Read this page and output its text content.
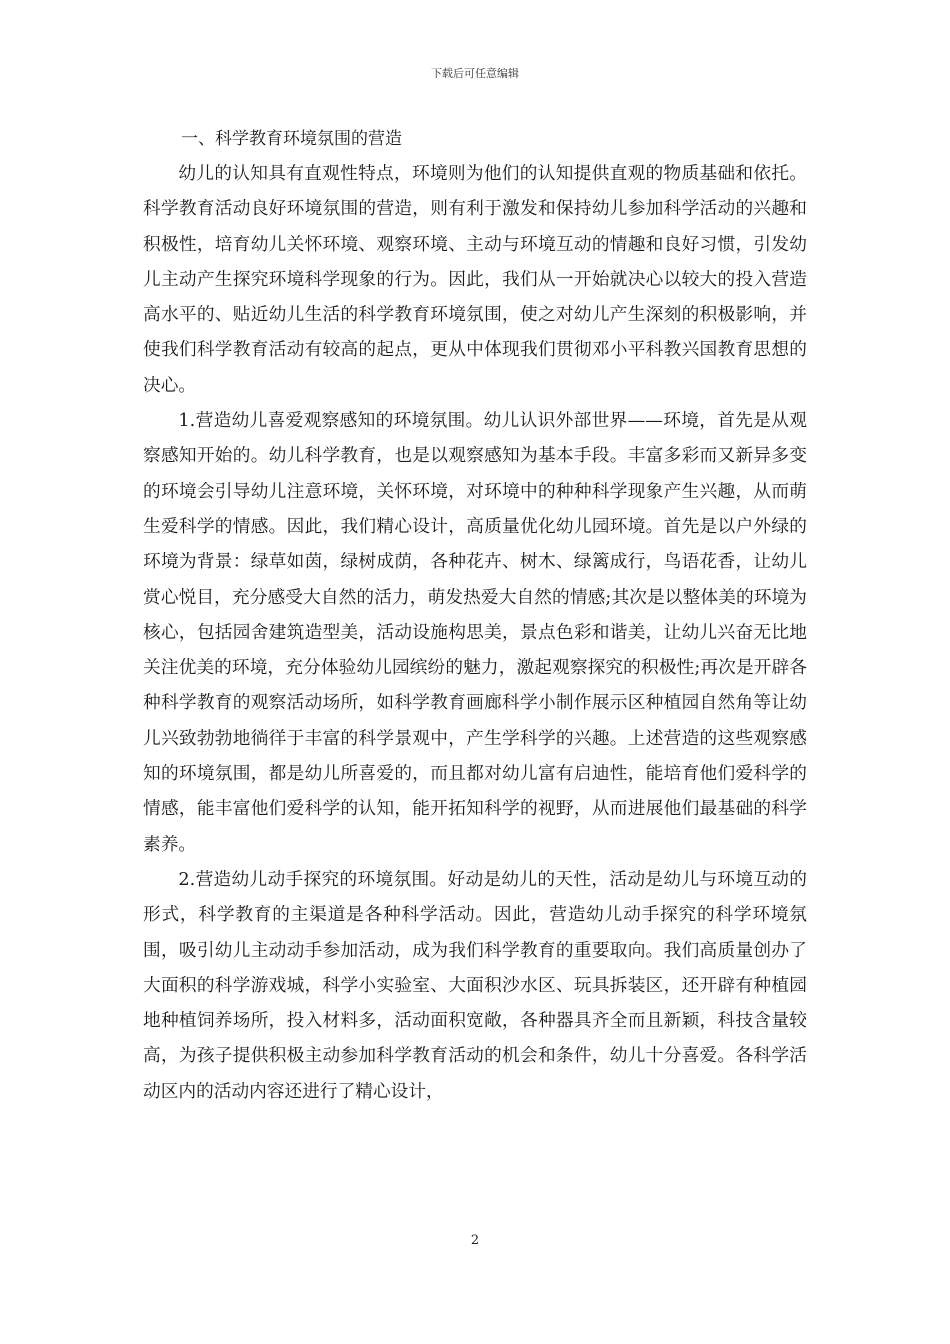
下载后可任意编辑

一、科学教育环境氛围的营造

幼儿的认知具有直观性特点，环境则为他们的认知提供直观的物质基础和依托。科学教育活动良好环境氛围的营造，则有利于激发和保持幼儿参加科学活动的兴趣和积极性，培育幼儿关怀环境、观察环境、主动与环境互动的情趣和良好习惯，引发幼儿主动产生探究环境科学现象的行为。因此，我们从一开始就决心以较大的投入营造高水平的、贴近幼儿生活的科学教育环境氛围，使之对幼儿产生深刻的积极影响，并使我们科学教育活动有较高的起点，更从中体现我们贯彻邓小平科教兴国教育思想的决心。

1.营造幼儿喜爱观察感知的环境氛围。幼儿认识外部世界——环境，首先是从观察感知开始的。幼儿科学教育，也是以观察感知为基本手段。丰富多彩而又新异多变的环境会引导幼儿注意环境，关怀环境，对环境中的种种科学现象产生兴趣，从而萌生爱科学的情感。因此，我们精心设计，高质量优化幼儿园环境。首先是以户外绿的环境为背景：绿草如茵，绿树成荫，各种花卉、树木、绿篱成行，鸟语花香，让幼儿赏心悦目，充分感受大自然的活力，萌发热爱大自然的情感;其次是以整体美的环境为核心，包括园舍建筑造型美，活动设施构思美，景点色彩和谐美，让幼儿兴奋无比地关注优美的环境，充分体验幼儿园缤纷的魅力，激起观察探究的积极性;再次是开辟各种科学教育的观察活动场所，如科学教育画廊科学小制作展示区种植园自然角等让幼儿兴致勃勃地徜徉于丰富的科学景观中，产生学科学的兴趣。上述营造的这些观察感知的环境氛围，都是幼儿所喜爱的，而且都对幼儿富有启迪性，能培育他们爱科学的情感，能丰富他们爱科学的认知，能开拓知科学的视野，从而进展他们最基础的科学素养。

2.营造幼儿动手探究的环境氛围。好动是幼儿的天性，活动是幼儿与环境互动的形式，科学教育的主渠道是各种科学活动。因此，营造幼儿动手探究的科学环境氛围，吸引幼儿主动动手参加活动，成为我们科学教育的重要取向。我们高质量创办了大面积的科学游戏城，科学小实验室、大面积沙水区、玩具拆装区，还开辟有种植园地种植饲养场所，投入材料多，活动面积宽敞，各种器具齐全而且新颖，科技含量较高，为孩子提供积极主动参加科学教育活动的机会和条件，幼儿十分喜爱。各科学活动区内的活动内容还进行了精心设计，

2
